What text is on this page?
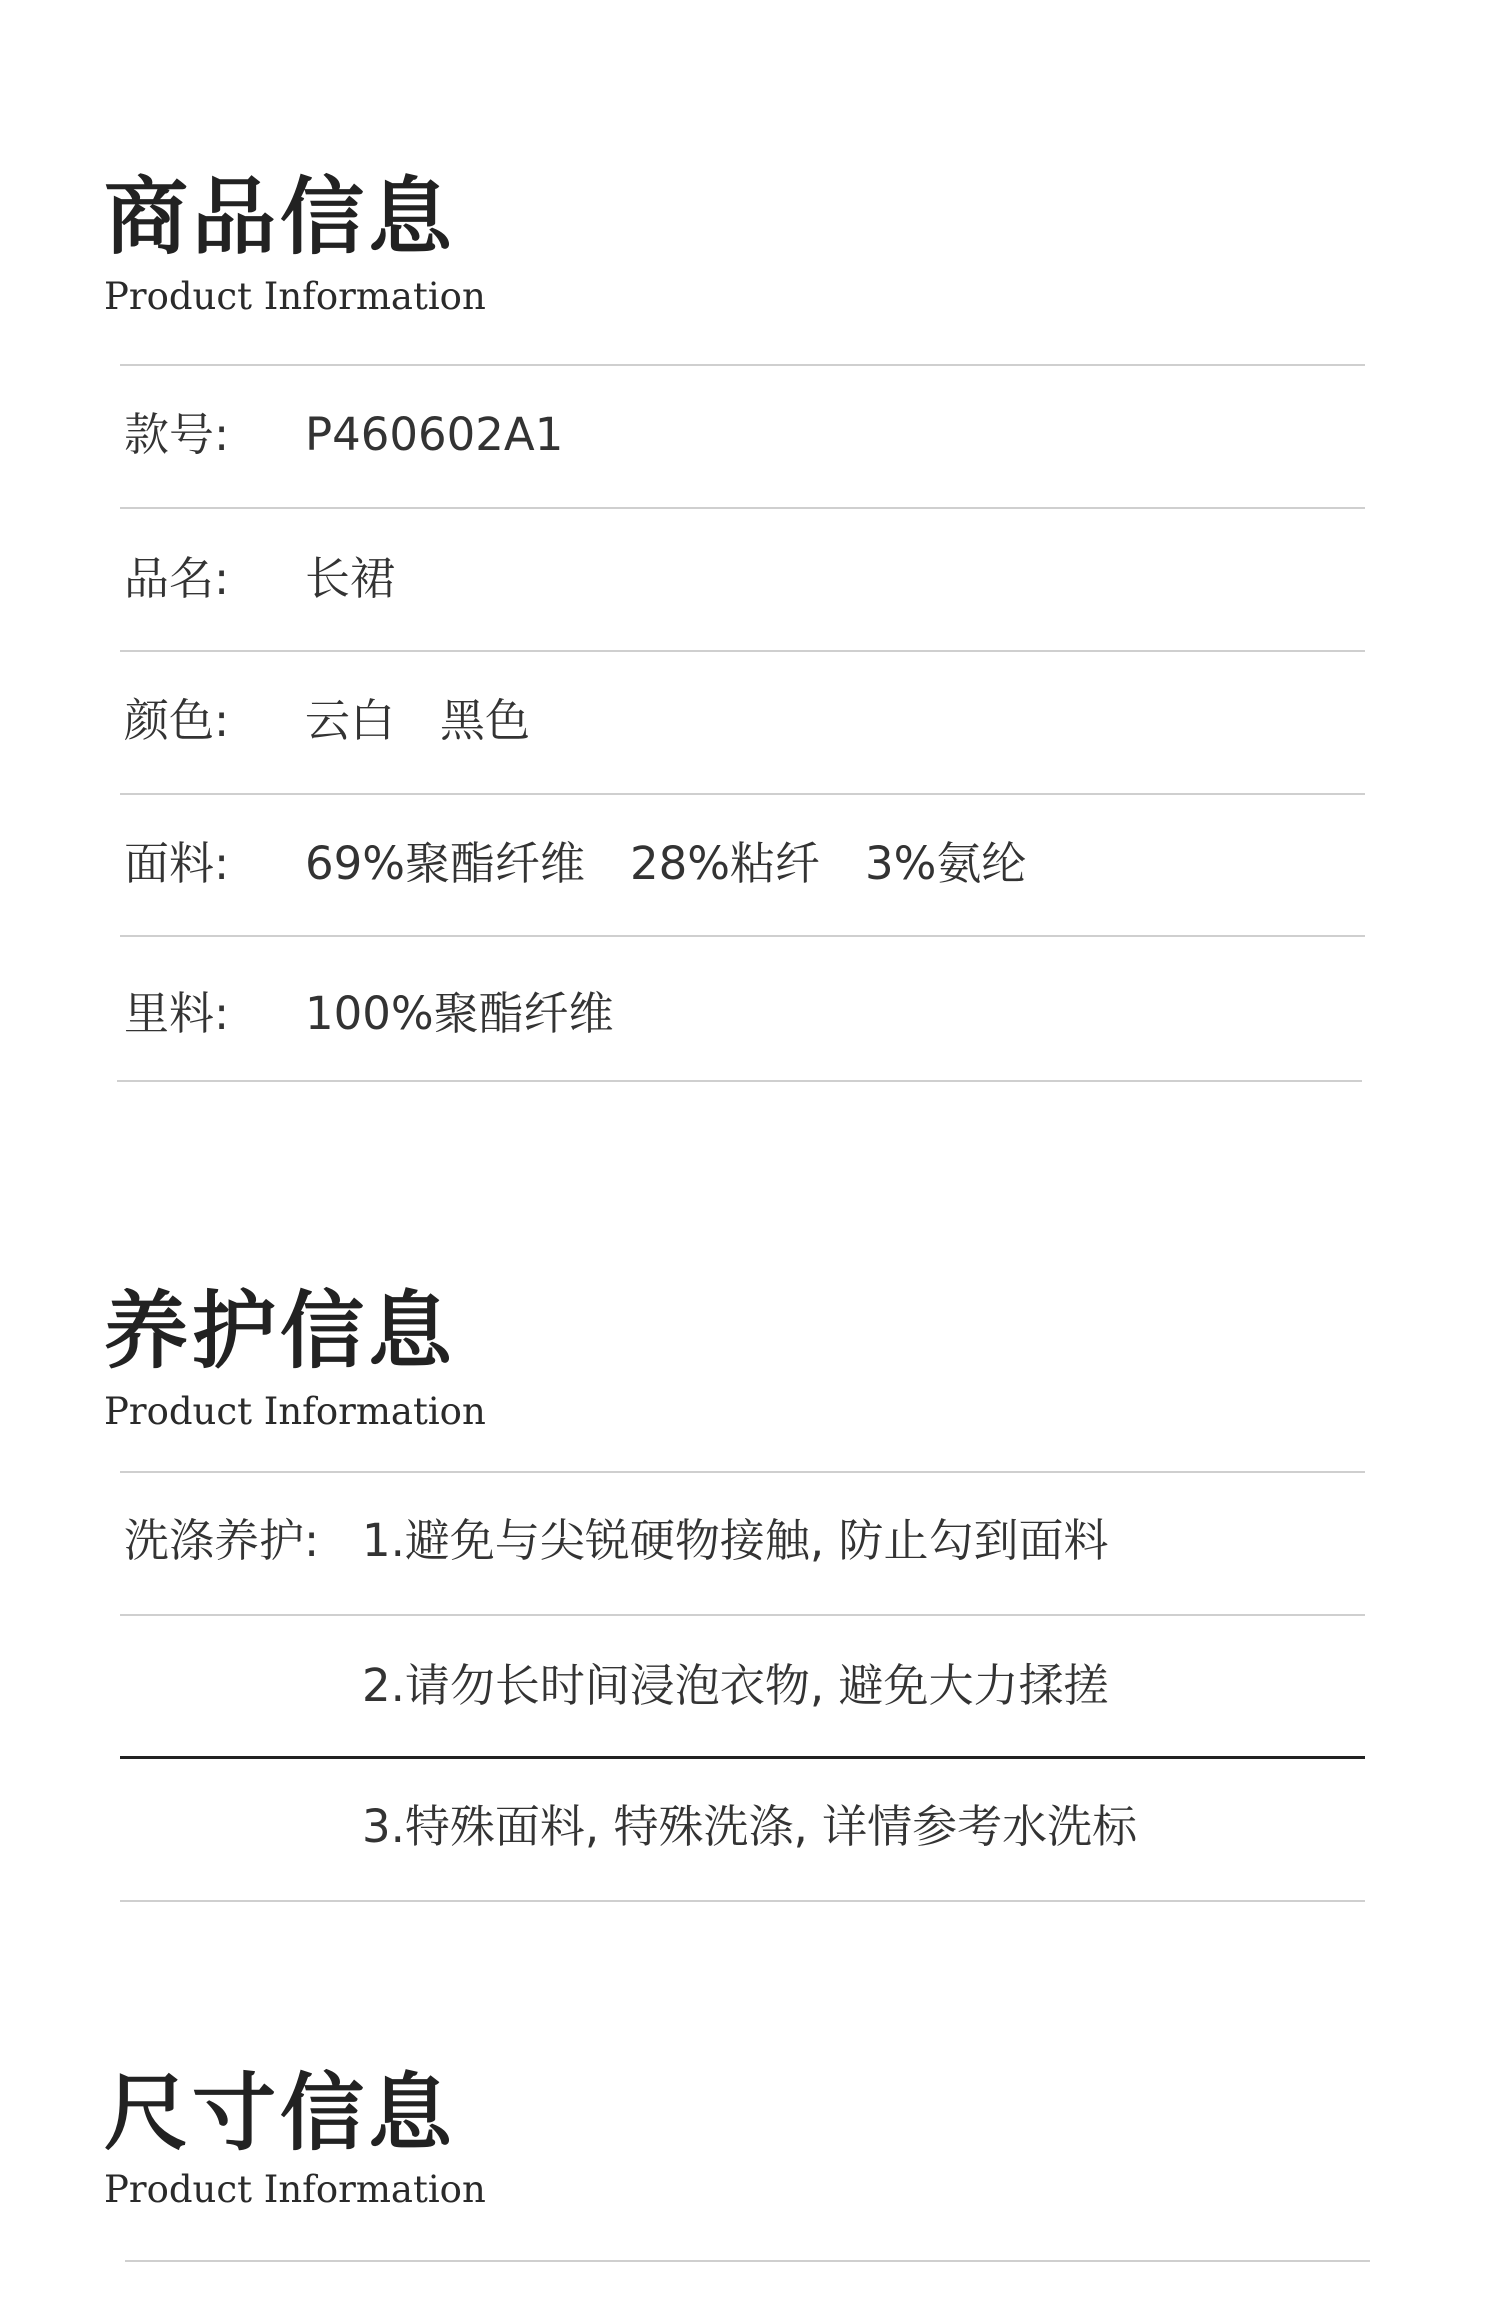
商品信息
Product Information
款号: P460602A1
品名: 长裙
颜色: 云白　黑色
面料: 69%聚酯纤维　28%粘纤　3%氨纶
里料: 100%聚酯纤维
养护信息
Product Information
洗涤养护: 1.避免与尖锐硬物接触, 防止勾到面料
2.请勿长时间浸泡衣物, 避免大力揉搓
3.特殊面料, 特殊洗涤, 详情参考水洗标
尺寸信息
Product Information
